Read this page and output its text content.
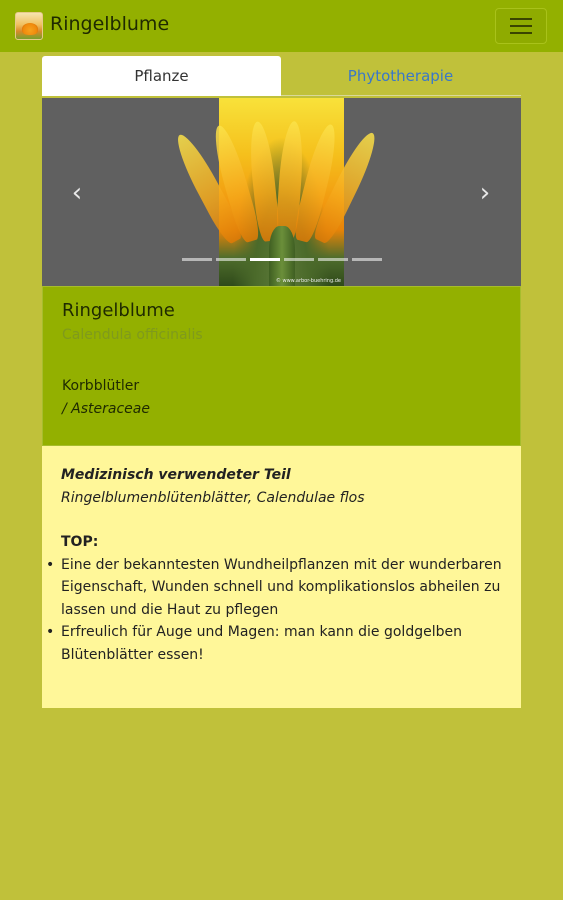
Ringelblume
Pflanze	Phytotherapie
© www.arbor-buehring.de
‹	›
Ringelblume
Calendula officinalis
Korbblütler
/ Asteraceae
Medizinisch verwendeter Teil
Ringelblumenblütenblätter, Calendulae flos
TOP:
• Eine der bekanntesten Wundheilpflanzen mit der wunderbaren Eigenschaft, Wunden schnell und komplikationslos abheilen zu lassen und die Haut zu pflegen
• Erfreulich für Auge und Magen: man kann die goldgelben Blütenblätter essen!
